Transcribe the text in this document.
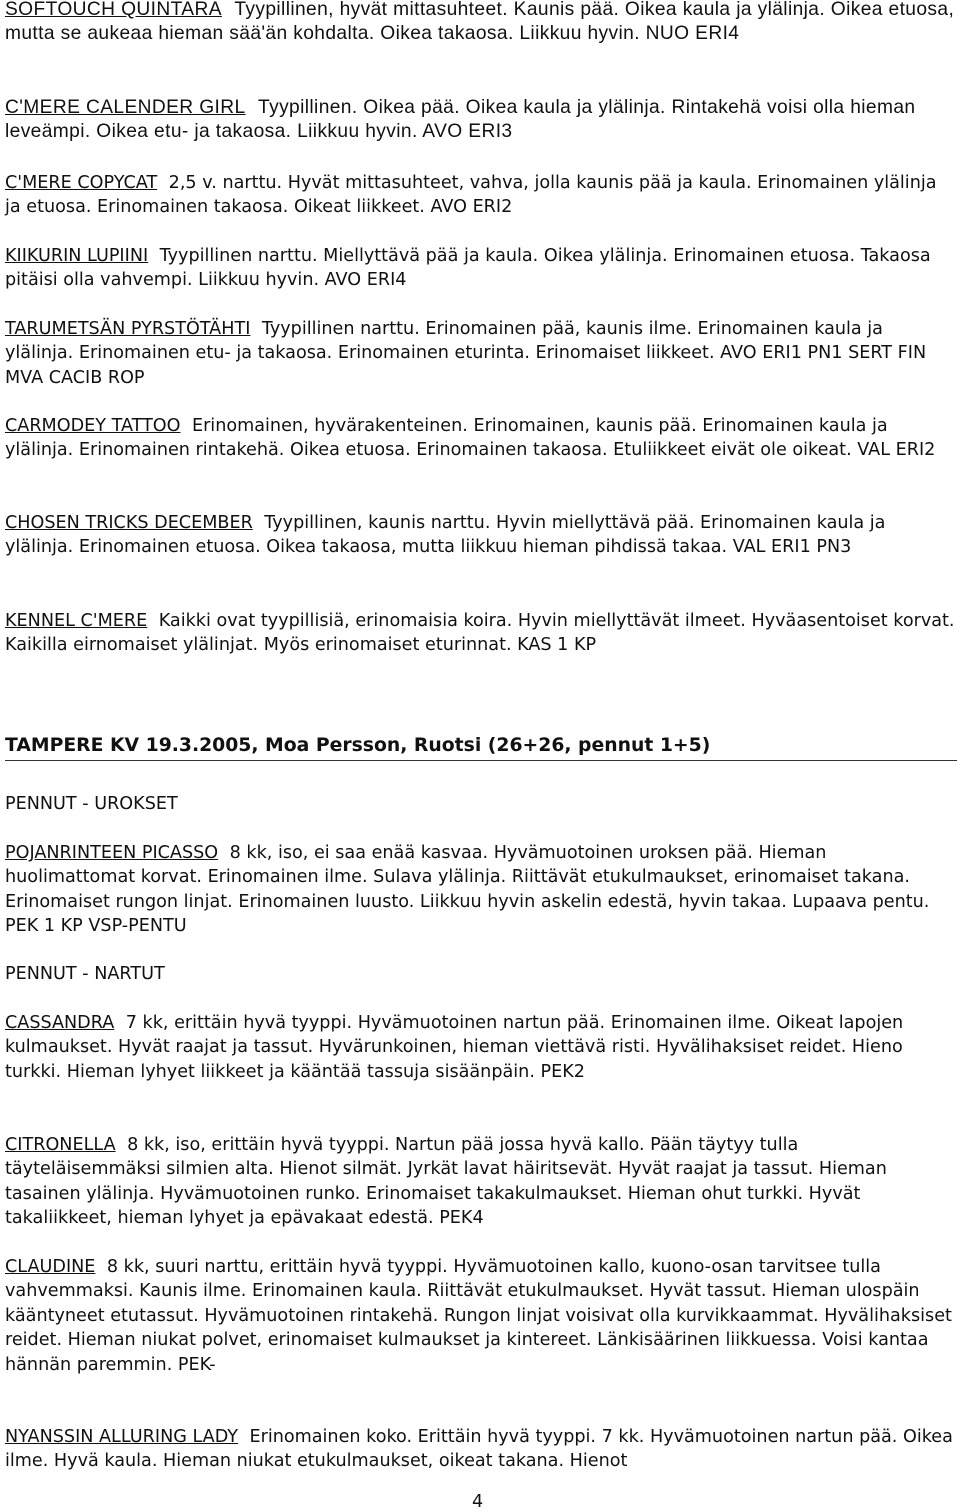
SOFTOUCH QUINTARA Tyypillinen, hyvät mittasuhteet. Kaunis pää. Oikea kaula ja ylälinja. Oikea etuosa, mutta se aukeaa hieman sää'än kohdalta. Oikea takaosa. Liikkuu hyvin. NUO ERI4
C'MERE CALENDER GIRL Tyypillinen. Oikea pää. Oikea kaula ja ylälinja. Rintakehä voisi olla hieman leveämpi. Oikea etu- ja takaosa. Liikkuu hyvin. AVO ERI3
C'MERE COPYCAT 2,5 v. narttu. Hyvät mittasuhteet, vahva, jolla kaunis pää ja kaula. Erinomainen ylälinja ja etuosa. Erinomainen takaosa. Oikeat liikkeet. AVO ERI2
KIIKURIN LUPIINI Tyypillinen narttu. Miellyttävä pää ja kaula. Oikea ylälinja. Erinomainen etuosa. Takaosa pitäisi olla vahvempi. Liikkuu hyvin. AVO ERI4
TARUMETSÄN PYRSTÖTÄHTI Tyypillinen narttu. Erinomainen pää, kaunis ilme. Erinomainen kaula ja ylälinja. Erinomainen etu- ja takaosa. Erinomainen eturinta. Erinomaiset liikkeet. AVO ERI1 PN1 SERT FIN MVA CACIB ROP
CARMODEY TATTOO Erinomainen, hyvärakenteinen. Erinomainen, kaunis pää. Erinomainen kaula ja ylälinja. Erinomainen rintakehä. Oikea etuosa. Erinomainen takaosa. Etuliikkeet eivät ole oikeat. VAL ERI2
CHOSEN TRICKS DECEMBER Tyypillinen, kaunis narttu. Hyvin miellyttävä pää. Erinomainen kaula ja ylälinja. Erinomainen etuosa. Oikea takaosa, mutta liikkuu hieman pihdissä takaa. VAL ERI1 PN3
KENNEL C'MERE Kaikki ovat tyypillisiä, erinomaisia koira. Hyvin miellyttävät ilmeet. Hyväasentoiset korvat. Kaikilla eirnomaiset ylälinjat. Myös erinomaiset eturinnat. KAS 1 KP
TAMPERE KV 19.3.2005, Moa Persson, Ruotsi (26+26, pennut 1+5)
PENNUT - UROKSET
POJANRINTEEN PICASSO 8 kk, iso, ei saa enää kasvaa. Hyvämuotoinen uroksen pää. Hieman huolimattomat korvat. Erinomainen ilme. Sulava ylälinja. Riittävät etukulmaukset, erinomaiset takana. Erinomaiset rungon linjat. Erinomainen luusto. Liikkuu hyvin askelin edestä, hyvin takaa. Lupaava pentu. PEK 1 KP VSP-PENTU
PENNUT - NARTUT
CASSANDRA 7 kk, erittäin hyvä tyyppi. Hyvämuotoinen nartun pää. Erinomainen ilme. Oikeat lapojen kulmaukset. Hyvät raajat ja tassut. Hyvärunkoinen, hieman viettävä risti. Hyvälihaksiset reidet. Hieno turkki. Hieman lyhyet liikkeet ja kääntää tassuja sisäänpäin. PEK2
CITRONELLA 8 kk, iso, erittäin hyvä tyyppi. Nartun pää jossa hyvä kallo. Pään täytyy tulla täyteläisemmäksi silmien alta. Hienot silmät. Jyrkät lavat häiritsevät. Hyvät raajat ja tassut. Hieman tasainen ylälinja. Hyvämuotoinen runko. Erinomaiset takakulmaukset. Hieman ohut turkki. Hyvät takaliikkeet, hieman lyhyet ja epävakaat edestä. PEK4
CLAUDINE 8 kk, suuri narttu, erittäin hyvä tyyppi. Hyvämuotoinen kallo, kuono-osan tarvitsee tulla vahvemmaksi. Kaunis ilme. Erinomainen kaula. Riittävät etukulmaukset. Hyvät tassut. Hieman ulospäin kääntyneet etutassut. Hyvämuotoinen rintakehä. Rungon linjat voisivat olla kurvikkaammat. Hyvälihaksiset reidet. Hieman niukat polvet, erinomaiset kulmaukset ja kintereet. Länkisäärinen liikkuessa. Voisi kantaa hännän paremmin. PEK-
NYANSSIN ALLURING LADY Erinomainen koko. Erittäin hyvä tyyppi. 7 kk. Hyvämuotoinen nartun pää. Oikea ilme. Hyvä kaula. Hieman niukat etukulmaukset, oikeat takana. Hienot
4
